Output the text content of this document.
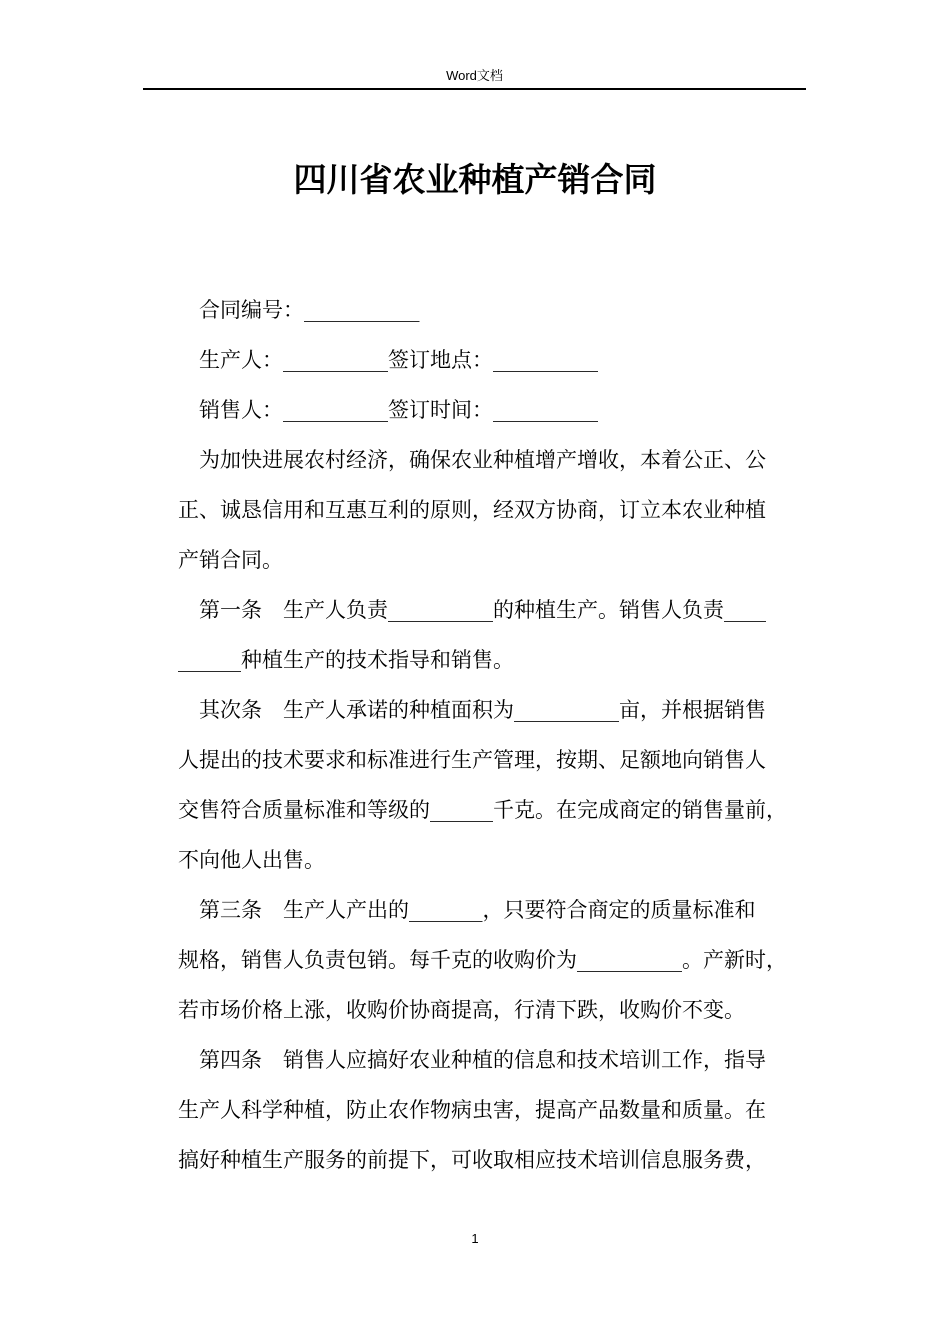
Word文档
四川省农业种植产销合同
合同编号：___________
生产人：__________签订地点：__________
销售人：__________签订时间：__________
为加快进展农村经济，确保农业种植增产增收，本着公正、公
正、诚恳信用和互惠互利的原则，经双方协商，订立本农业种植
产销合同。
第一条　生产人负责__________的种植生产。销售人负责____
______种植生产的技术指导和销售。
其次条　生产人承诺的种植面积为__________亩，并根据销售
人提出的技术要求和标准进行生产管理，按期、足额地向销售人
交售符合质量标准和等级的______千克。在完成商定的销售量前，
不向他人出售。
第三条　生产人产出的_______，只要符合商定的质量标准和
规格，销售人负责包销。每千克的收购价为__________。产新时，
若市场价格上涨，收购价协商提高，行清下跌，收购价不变。
第四条　销售人应搞好农业种植的信息和技术培训工作，指导
生产人科学种植，防止农作物病虫害，提高产品数量和质量。在
搞好种植生产服务的前提下，可收取相应技术培训信息服务费，
1
